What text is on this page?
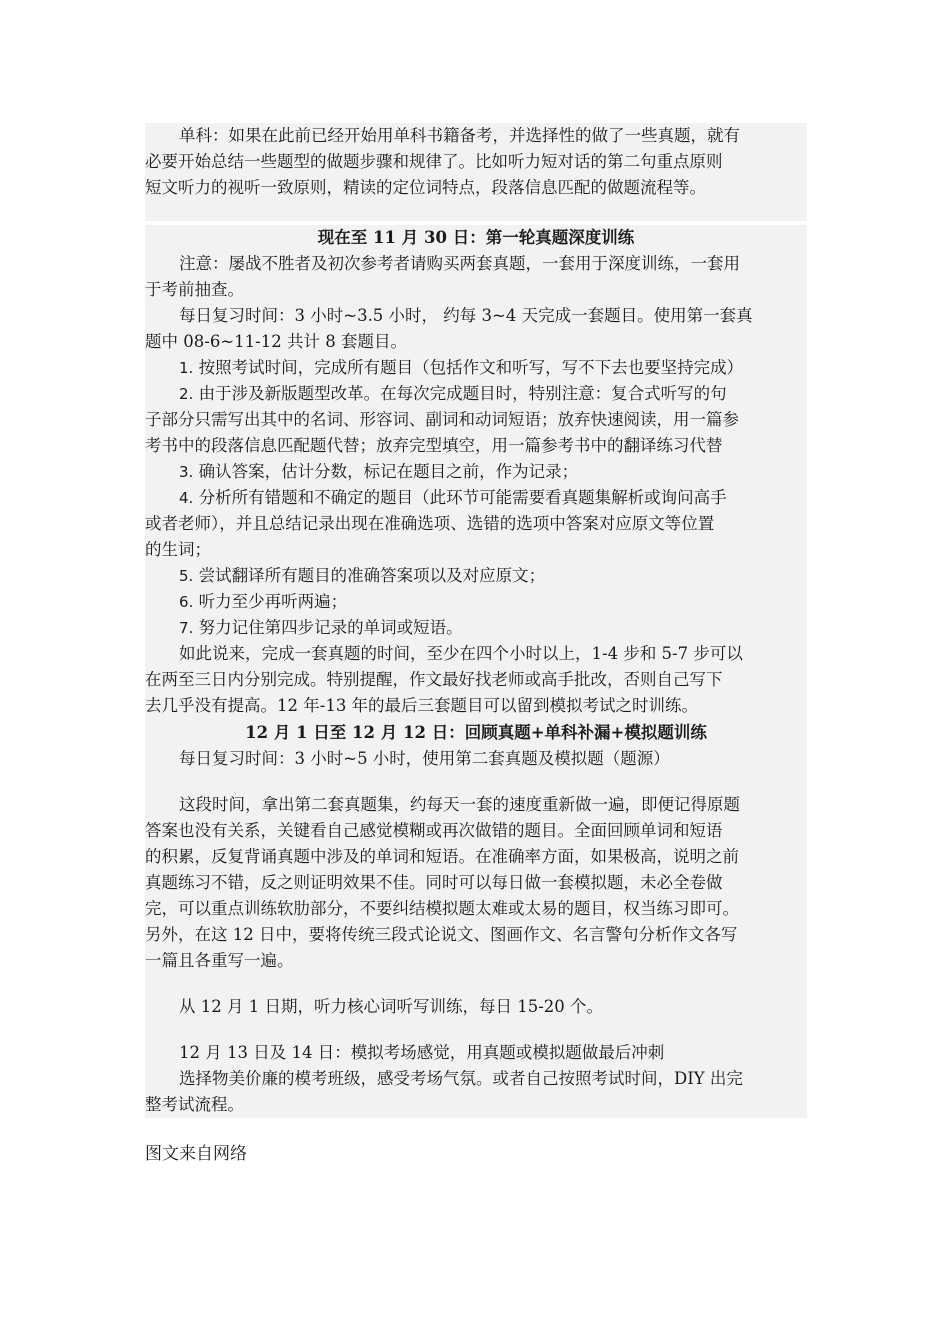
单科：如果在此前已经开始用单科书籍备考，并选择性的做了一些真题，就有
必要开始总结一些题型的做题步骤和规律了。比如听力短对话的第二句重点原则
短文听力的视听一致原则，精读的定位词特点，段落信息匹配的做题流程等。
现在至 11 月 30 日：第一轮真题深度训练
注意：屡战不胜者及初次参考者请购买两套真题，一套用于深度训练，一套用
于考前抽查。
每日复习时间：3 小时~3.5 小时， 约每 3~4 天完成一套题目。使用第一套真
题中 08-6~11-12 共计 8 套题目。
1. 按照考试时间，完成所有题目（包括作文和听写，写不下去也要坚持完成）
2. 由于涉及新版题型改革。在每次完成题目时，特别注意：复合式听写的句
子部分只需写出其中的名词、形容词、副词和动词短语；放弃快速阅读，用一篇参
考书中的段落信息匹配题代替；放弃完型填空，用一篇参考书中的翻译练习代替
3. 确认答案，估计分数，标记在题目之前，作为记录；
4. 分析所有错题和不确定的题目（此环节可能需要看真题集解析或询问高手
或者老师），并且总结记录出现在准确选项、选错的选项中答案对应原文等位置
的生词；
5. 尝试翻译所有题目的准确答案项以及对应原文；
6. 听力至少再听两遍；
7. 努力记住第四步记录的单词或短语。
如此说来，完成一套真题的时间，至少在四个小时以上，1-4 步和 5-7 步可以
在两至三日内分别完成。特别提醒，作文最好找老师或高手批改，否则自己写下
去几乎没有提高。12 年-13 年的最后三套题目可以留到模拟考试之时训练。
12 月 1 日至 12 月 12 日：回顾真题+单科补漏+模拟题训练
每日复习时间：3 小时~5 小时，使用第二套真题及模拟题（题源）
这段时间，拿出第二套真题集，约每天一套的速度重新做一遍，即便记得原题
答案也没有关系，关键看自己感觉模糊或再次做错的题目。全面回顾单词和短语
的积累，反复背诵真题中涉及的单词和短语。在准确率方面，如果极高，说明之前
真题练习不错，反之则证明效果不佳。同时可以每日做一套模拟题，未必全卷做
完，可以重点训练软肋部分，不要纠结模拟题太难或太易的题目，权当练习即可。
另外，在这 12 日中，要将传统三段式论说文、图画作文、名言警句分析作文各写
一篇且各重写一遍。
从 12 月 1 日期，听力核心词听写训练，每日 15-20 个。
12 月 13 日及 14 日：模拟考场感觉，用真题或模拟题做最后冲刺
选择物美价廉的模考班级，感受考场气氛。或者自己按照考试时间，DIY 出完
整考试流程。
图文来自网络
